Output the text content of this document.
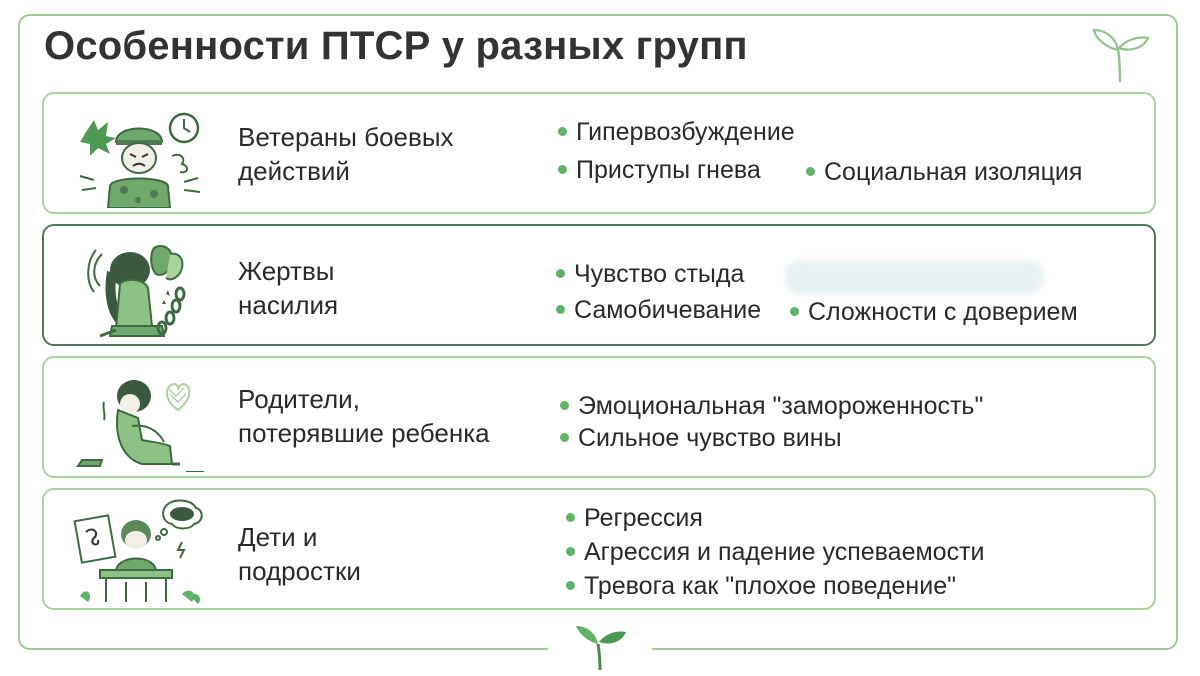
Особенности ПТСР у разных групп
Ветераны боевых
действий
Гипервозбуждение
Приступы гнева	Социальная изоляция
Жертвы
насилия
Чувство стыда
Самобичевание	Сложности с доверием
Родители,
потерявшие ребенка
Эмоциональная "замороженность"
Сильное чувство вины
Дети и
подростки
Регрессия
Агрессия и падение успеваемости
Тревога как "плохое поведение"
